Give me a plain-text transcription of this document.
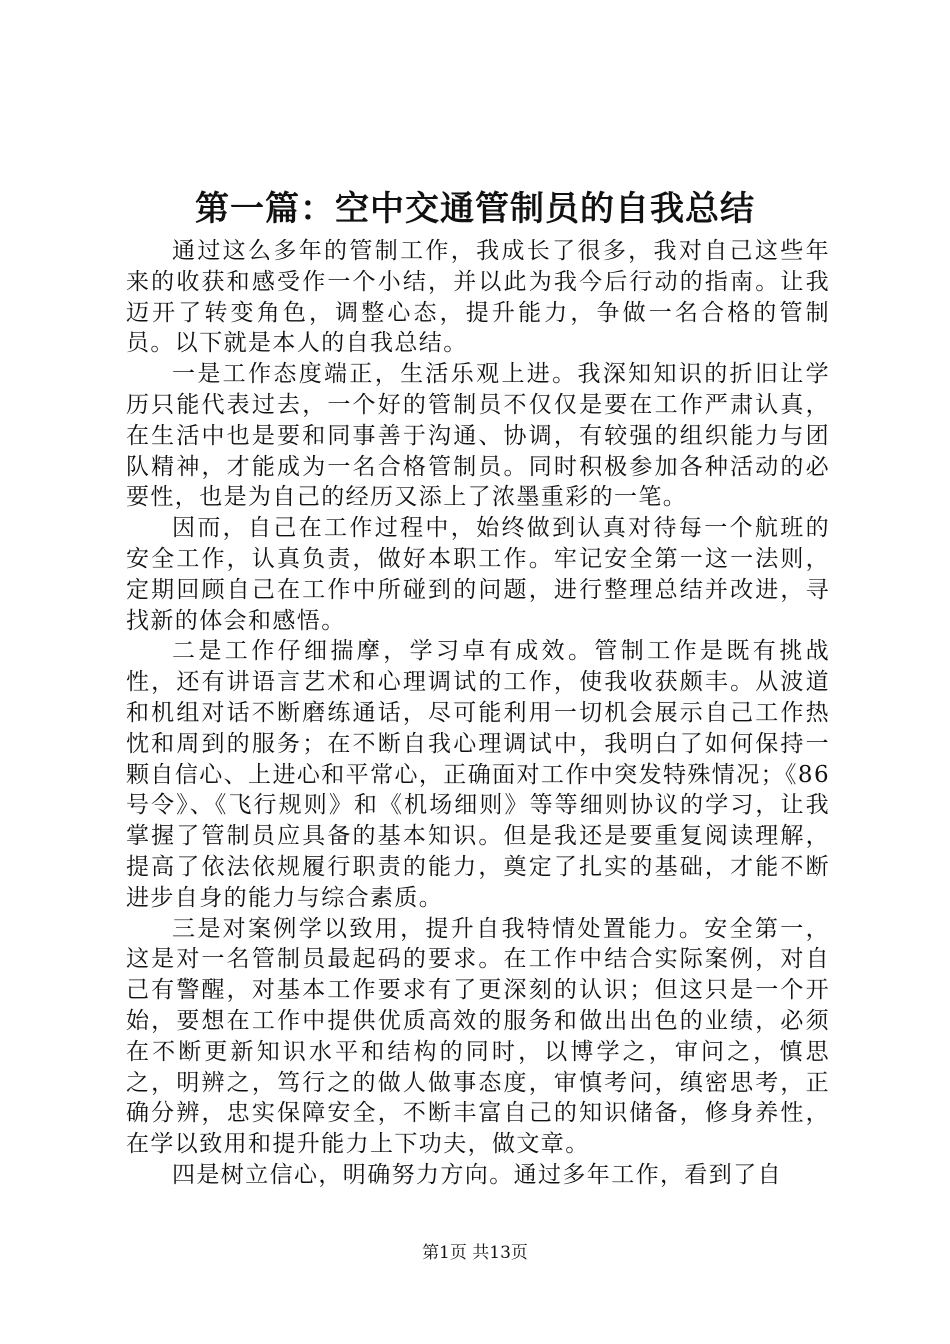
第一篇：空中交通管制员的自我总结

通过这么多年的管制工作，我成长了很多，我对自己这些年来的收获和感受作一个小结，并以此为我今后行动的指南。让我迈开了转变角色，调整心态，提升能力，争做一名合格的管制员。以下就是本人的自我总结。

一是工作态度端正，生活乐观上进。我深知知识的折旧让学历只能代表过去，一个好的管制员不仅仅是要在工作严肃认真，在生活中也是要和同事善于沟通、协调，有较强的组织能力与团队精神，才能成为一名合格管制员。同时积极参加各种活动的必要性，也是为自己的经历又添上了浓墨重彩的一笔。

因而，自己在工作过程中，始终做到认真对待每一个航班的安全工作，认真负责，做好本职工作。牢记安全第一这一法则，定期回顾自己在工作中所碰到的问题，进行整理总结并改进，寻找新的体会和感悟。

二是工作仔细揣摩，学习卓有成效。管制工作是既有挑战性，还有讲语言艺术和心理调试的工作，使我收获颇丰。从波道和机组对话不断磨练通话，尽可能利用一切机会展示自己工作热忱和周到的服务；在不断自我心理调试中，我明白了如何保持一颗自信心、上进心和平常心，正确面对工作中突发特殊情况；《86号令》、《飞行规则》和《机场细则》等等细则协议的学习，让我掌握了管制员应具备的基本知识。但是我还是要重复阅读理解，提高了依法依规履行职责的能力，奠定了扎实的基础，才能不断进步自身的能力与综合素质。

三是对案例学以致用，提升自我特情处置能力。安全第一，这是对一名管制员最起码的要求。在工作中结合实际案例，对自己有警醒，对基本工作要求有了更深刻的认识；但这只是一个开始，要想在工作中提供优质高效的服务和做出出色的业绩，必须在不断更新知识水平和结构的同时，以博学之，审问之，慎思之，明辨之，笃行之的做人做事态度，审慎考问，缜密思考，正确分辨，忠实保障安全，不断丰富自己的知识储备，修身养性，在学以致用和提升能力上下功夫，做文章。

四是树立信心，明确努力方向。通过多年工作，看到了自

第1页 共13页
